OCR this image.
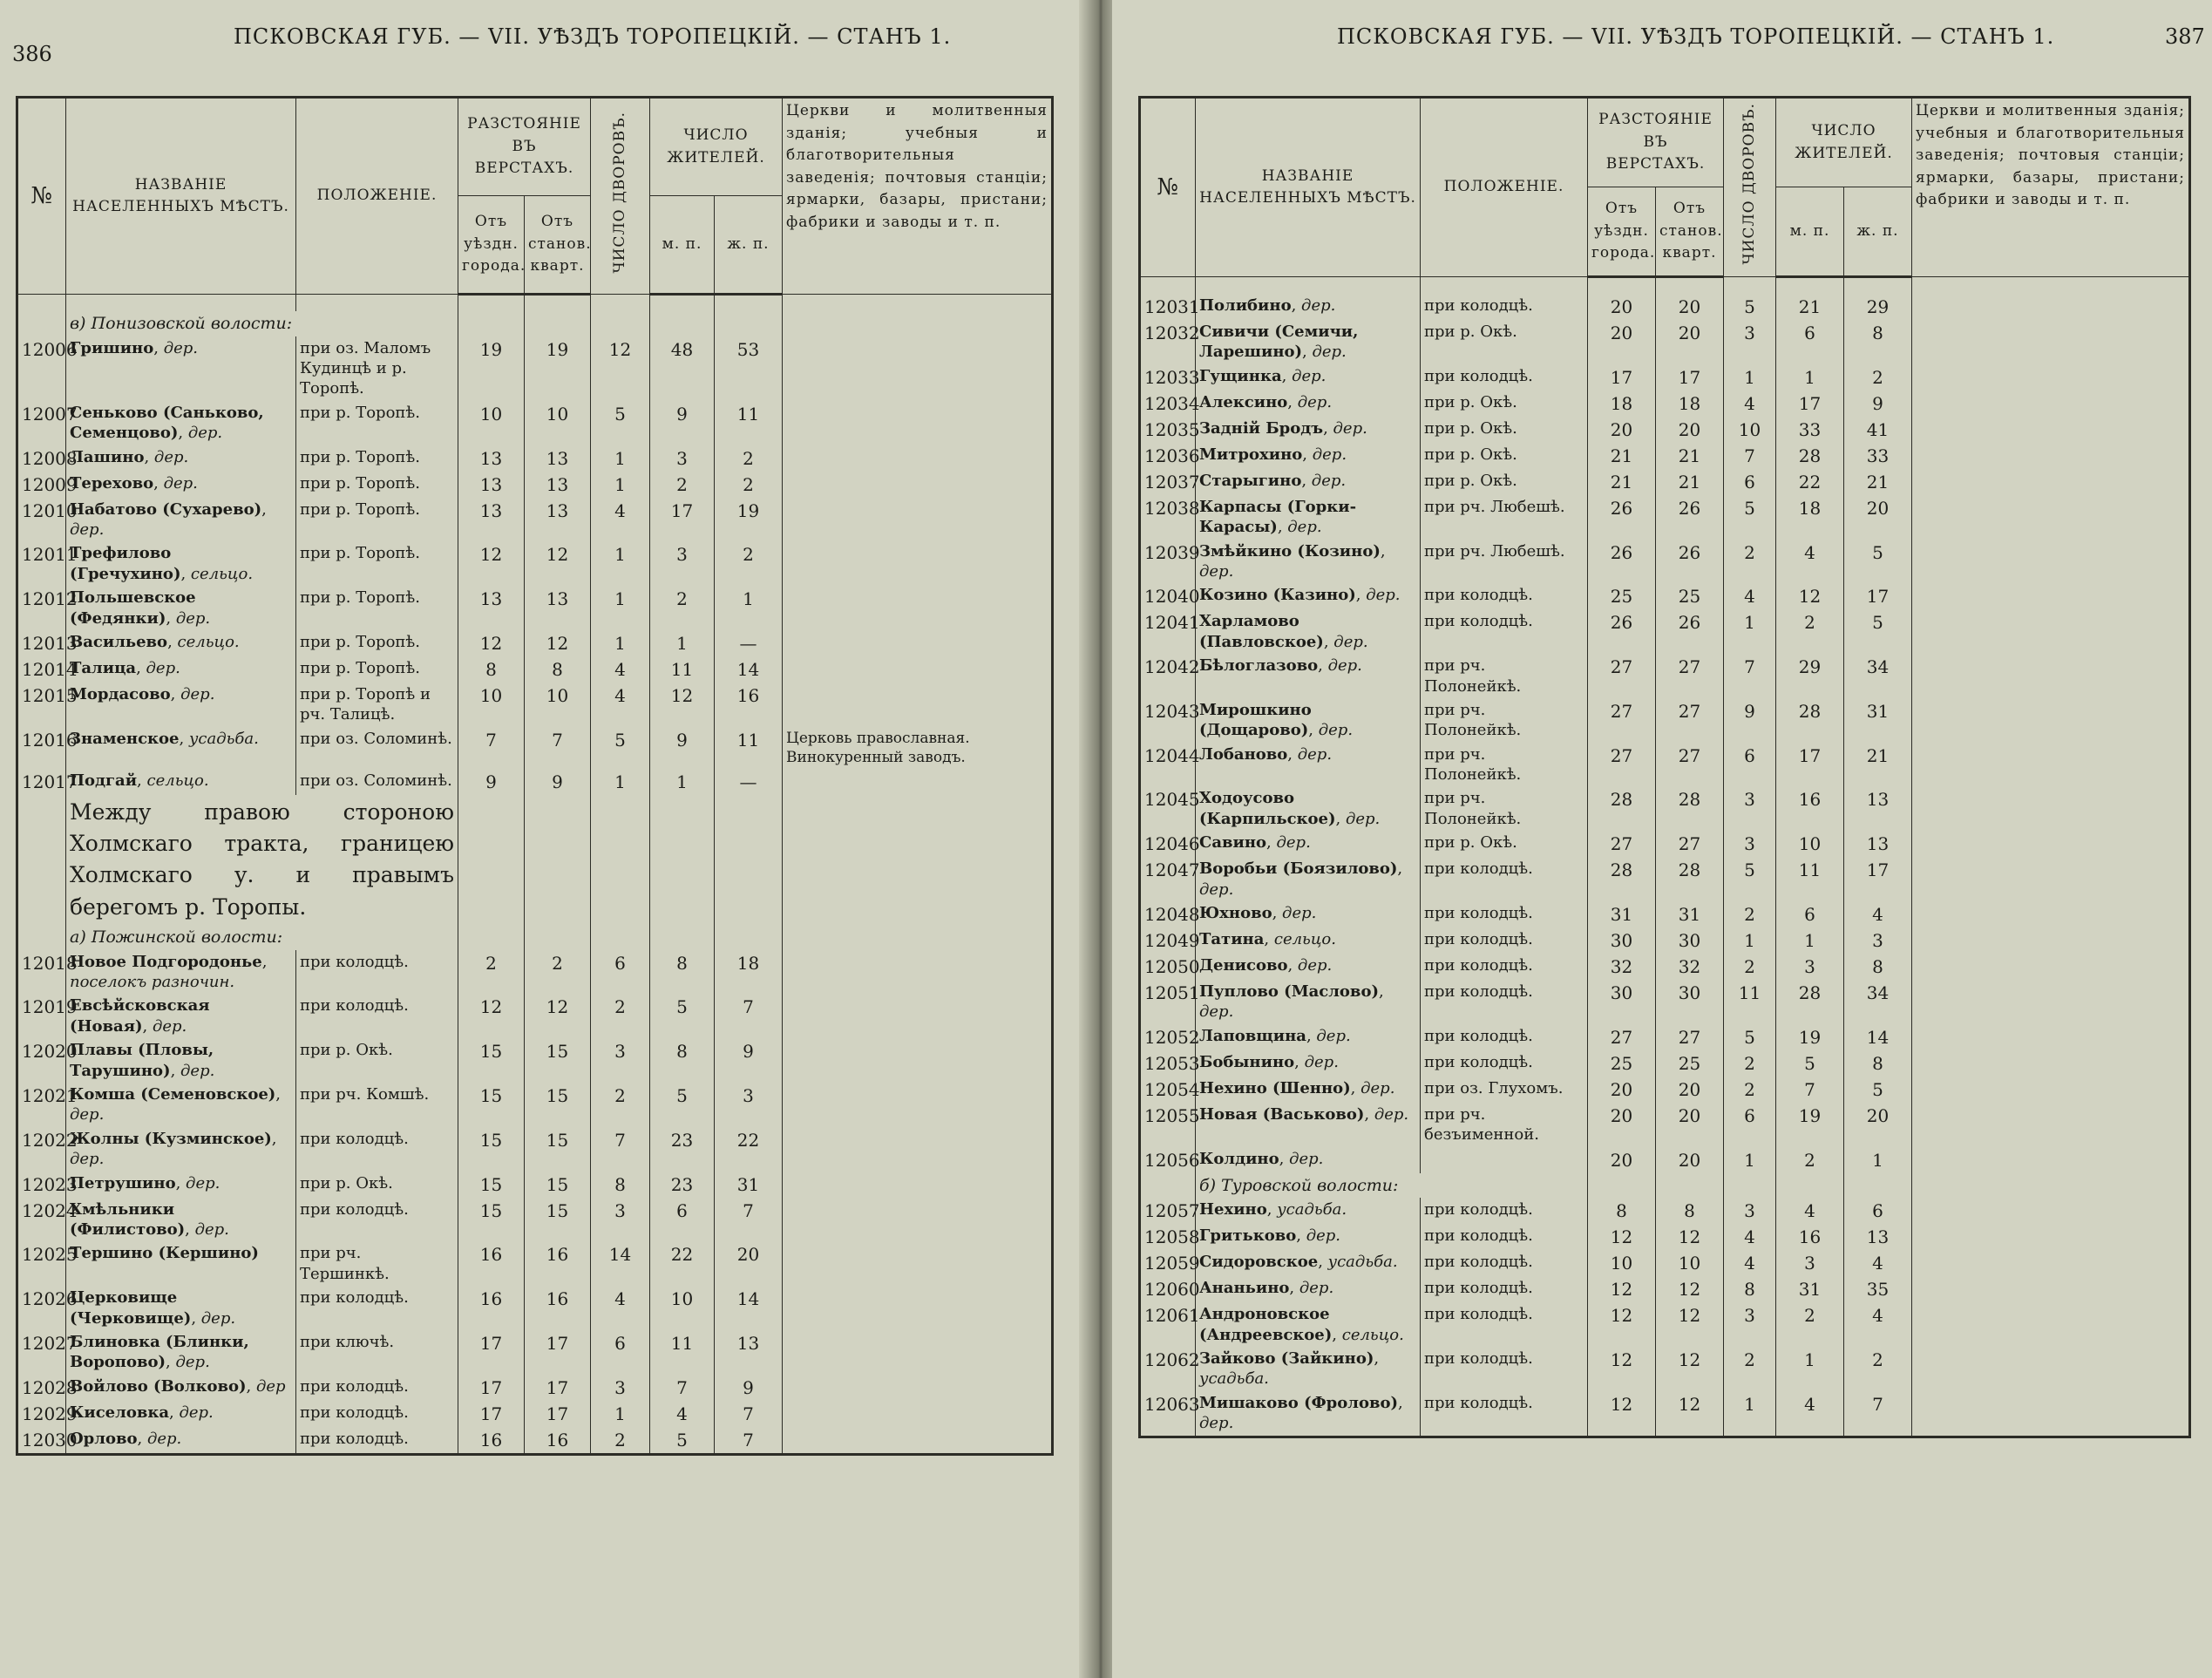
386
ПСКОВСКАЯ ГУБ. — VII. УѢЗДЪ ТОРОПЕЦКІЙ. — СТАНЪ 1.
№	НАЗВАНІЕ НАСЕЛЕННЫХЪ МѢСТЪ.	ПОЛОЖЕНІЕ.	РАЗСТОЯНІЕ ВЪ ВЕРСТАХЪ.		ЧИСЛО ДВОРОВЪ.	ЧИСЛО ЖИТЕЛЕЙ.		Церкви и молитвенныя зданія; учебныя и благотворительныя заведенія; почтовыя станціи; ярмарки, базары, пристани; фабрики и заводы и т. п.
			Отъ уѣздн. города.	Отъ станов. кварт.		м. п.	ж. п.	

	в) Понизовской волости:							
12006	Гришино, дер.	при оз. Маломъ Кудинцѣ и р. Торопѣ.	19	19	12	48	53	
12007	Сеньково (Саньково, Семенцово), дер.	при р. Торопѣ.	10	10	5	9	11	
12008	Лашино, дер.	при р. Торопѣ.	13	13	1	3	2	
12009	Терехово, дер.	при р. Торопѣ.	13	13	1	2	2	
12010	Набатово (Сухарево), дер.	при р. Торопѣ.	13	13	4	17	19	
12011	Трефилово (Гречухино), сельцо.	при р. Торопѣ.	12	12	1	3	2	
12012	Польшевское (Федянки), дер.	при р. Торопѣ.	13	13	1	2	1	
12013	Васильево, сельцо.	при р. Торопѣ.	12	12	1	1	—	
12014	Талица, дер.	при р. Торопѣ.	8	8	4	11	14	
12015	Мордасово, дер.	при р. Торопѣ и рч. Талицѣ.	10	10	4	12	16	
12016	Знаменское, усадьба.	при оз. Соломинѣ.	7	7	5	9	11	Церковь православная. Винокуренный заводъ.
12017	Подгай, сельцо.	при оз. Соломинѣ.	9	9	1	1	—	
	Между правою стороною Холмскаго тракта, границею Холмскаго у. и правымъ берегомъ р. Торопы.							
	а) Пожинской волости:							
12018	Новое Подгородонье, поселокъ разночин.	при колодцѣ.	2	2	6	8	18	
12019	Евсѣйсковская (Новая), дер.	при колодцѣ.	12	12	2	5	7	
12020	Плавы (Пловы, Тарушино), дер.	при р. Окѣ.	15	15	3	8	9	
12021	Комша (Семеновское), дер.	при рч. Комшѣ.	15	15	2	5	3	
12022	Жолны (Кузминское), дер.	при колодцѣ.	15	15	7	23	22	
12023	Петрушино, дер.	при р. Окѣ.	15	15	8	23	31	
12024	Хмѣльники (Филистово), дер.	при колодцѣ.	15	15	3	6	7	
12025	Тершино (Кершино)	при рч. Тершинкѣ.	16	16	14	22	20	
12026	Церковище (Черковище), дер.	при колодцѣ.	16	16	4	10	14	
12027	Блиновка (Блинки, Воропово), дер.	при ключѣ.	17	17	6	11	13	
12028	Войлово (Волково), дер	при колодцѣ.	17	17	3	7	9	
12029	Киселовка, дер.	при колодцѣ.	17	17	1	4	7	
12030	Орлово, дер.	при колодцѣ.	16	16	2	5	7	
ПСКОВСКАЯ ГУБ. — VII. УѢЗДЪ ТОРОПЕЦКІЙ. — СТАНЪ 1.	387
№	НАЗВАНІЕ НАСЕЛЕННЫХЪ МѢСТЪ.	ПОЛОЖЕНІЕ.	РАЗСТОЯНІЕ ВЪ ВЕРСТАХЪ.		ЧИСЛО ДВОРОВЪ.	ЧИСЛО ЖИТЕЛЕЙ.		Церкви и молитвенныя зданія; учебныя и благотворительныя заведенія; почтовыя станціи; ярмарки, базары, пристани; фабрики и заводы и т. п.
			Отъ уѣздн. города.	Отъ станов. кварт.		м. п.	ж. п.	

12031	Полибино, дер.	при колодцѣ.	20	20	5	21	29	
12032	Сивичи (Семичи, Ларешино), дер.	при р. Окѣ.	20	20	3	6	8	
12033	Гущинка, дер.	при колодцѣ.	17	17	1	1	2	
12034	Алексино, дер.	при р. Окѣ.	18	18	4	17	9	
12035	Задній Бродъ, дер.	при р. Окѣ.	20	20	10	33	41	
12036	Митрохино, дер.	при р. Окѣ.	21	21	7	28	33	
12037	Старыгино, дер.	при р. Окѣ.	21	21	6	22	21	
12038	Карпасы (Горки-Карасы), дер.	при рч. Любешѣ.	26	26	5	18	20	
12039	Змѣйкино (Козино), дер.	при рч. Любешѣ.	26	26	2	4	5	
12040	Козино (Казино), дер.	при колодцѣ.	25	25	4	12	17	
12041	Харламово (Павловское), дер.	при колодцѣ.	26	26	1	2	5	
12042	Бѣлоглазово, дер.	при рч. Полонейкѣ.	27	27	7	29	34	
12043	Мирошкино (Дощарово), дер.	при рч. Полонейкѣ.	27	27	9	28	31	
12044	Лобаново, дер.	при рч. Полонейкѣ.	27	27	6	17	21	
12045	Ходоусово (Карпильское), дер.	при рч. Полонейкѣ.	28	28	3	16	13	
12046	Савино, дер.	при р. Окѣ.	27	27	3	10	13	
12047	Воробьи (Боязилово), дер.	при колодцѣ.	28	28	5	11	17	
12048	Юхново, дер.	при колодцѣ.	31	31	2	6	4	
12049	Татина, сельцо.	при колодцѣ.	30	30	1	1	3	
12050	Денисово, дер.	при колодцѣ.	32	32	2	3	8	
12051	Пуплово (Маслово), дер.	при колодцѣ.	30	30	11	28	34	
12052	Лаповщина, дер.	при колодцѣ.	27	27	5	19	14	
12053	Бобынино, дер.	при колодцѣ.	25	25	2	5	8	
12054	Нехино (Шенно), дер.	при оз. Глухомъ.	20	20	2	7	5	
12055	Новая (Васьково), дер.	при рч. безъименной.	20	20	6	19	20	
12056	Колдино, дер.		20	20	1	2	1	
	б) Туровской волости:							
12057	Нехино, усадьба.	при колодцѣ.	8	8	3	4	6	
12058	Гритьково, дер.	при колодцѣ.	12	12	4	16	13	
12059	Сидоровское, усадьба.	при колодцѣ.	10	10	4	3	4	
12060	Ананьино, дер.	при колодцѣ.	12	12	8	31	35	
12061	Андроновское (Андреевское), сельцо.	при колодцѣ.	12	12	3	2	4	
12062	Зайково (Зайкино), усадьба.	при колодцѣ.	12	12	2	1	2	
12063	Мишаково (Фролово), дер.	при колодцѣ.	12	12	1	4	7	
